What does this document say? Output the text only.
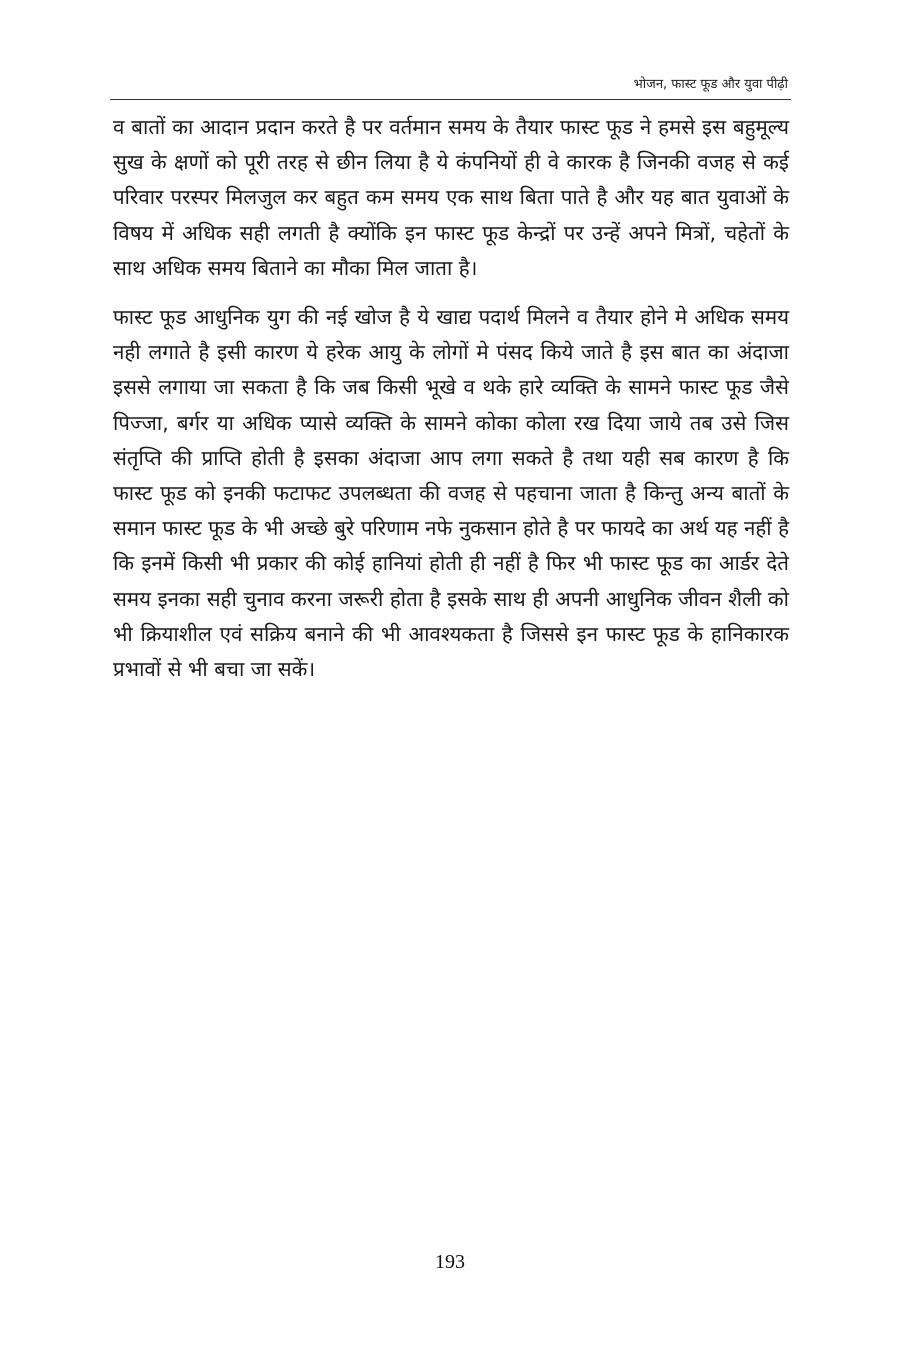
भोजन, फास्ट फूड और युवा पीढ़ी

व बातों का आदान प्रदान करते है पर वर्तमान समय के तैयार फास्ट फूड ने हमसे इस बहुमूल्य सुख के क्षणों को पूरी तरह से छीन लिया है ये कंपनियों ही वे कारक है जिनकी वजह से कई परिवार परस्पर मिलजुल कर बहुत कम समय एक साथ बिता पाते है और यह बात युवाओं के विषय में अधिक सही लगती है क्योंकि इन फास्ट फूड केन्द्रों पर उन्हें अपने मित्रों, चहेतों के साथ अधिक समय बिताने का मौका मिल जाता है।

फास्ट फूड आधुनिक युग की नई खोज है ये खाद्य पदार्थ मिलने व तैयार होने मे अधिक समय नही लगाते है इसी कारण ये हरेक आयु के लोगों मे पंसद किये जाते है इस बात का अंदाजा इससे लगाया जा सकता है कि जब किसी भूखे व थके हारे व्यक्ति के सामने फास्ट फूड जैसे पिज्जा, बर्गर या अधिक प्यासे व्यक्ति के सामने कोका कोला रख दिया जाये तब उसे जिस संतृप्ति की प्राप्ति होती है इसका अंदाजा आप लगा सकते है तथा यही सब कारण है कि फास्ट फूड को इनकी फटाफट उपलब्धता की वजह से पहचाना जाता है किन्तु अन्य बातों के समान फास्ट फूड के भी अच्छे बुरे परिणाम नफे नुकसान होते है पर फायदे का अर्थ यह नहीं है कि इनमें किसी भी प्रकार की कोई हानियां होती ही नहीं है फिर भी फास्ट फूड का आर्डर देते समय इनका सही चुनाव करना जरूरी होता है इसके साथ ही अपनी आधुनिक जीवन शैली को भी क्रियाशील एवं सक्रिय बनाने की भी आवश्यकता है जिससे इन फास्ट फूड के हानिकारक प्रभावों से भी बचा जा सकें।

193
